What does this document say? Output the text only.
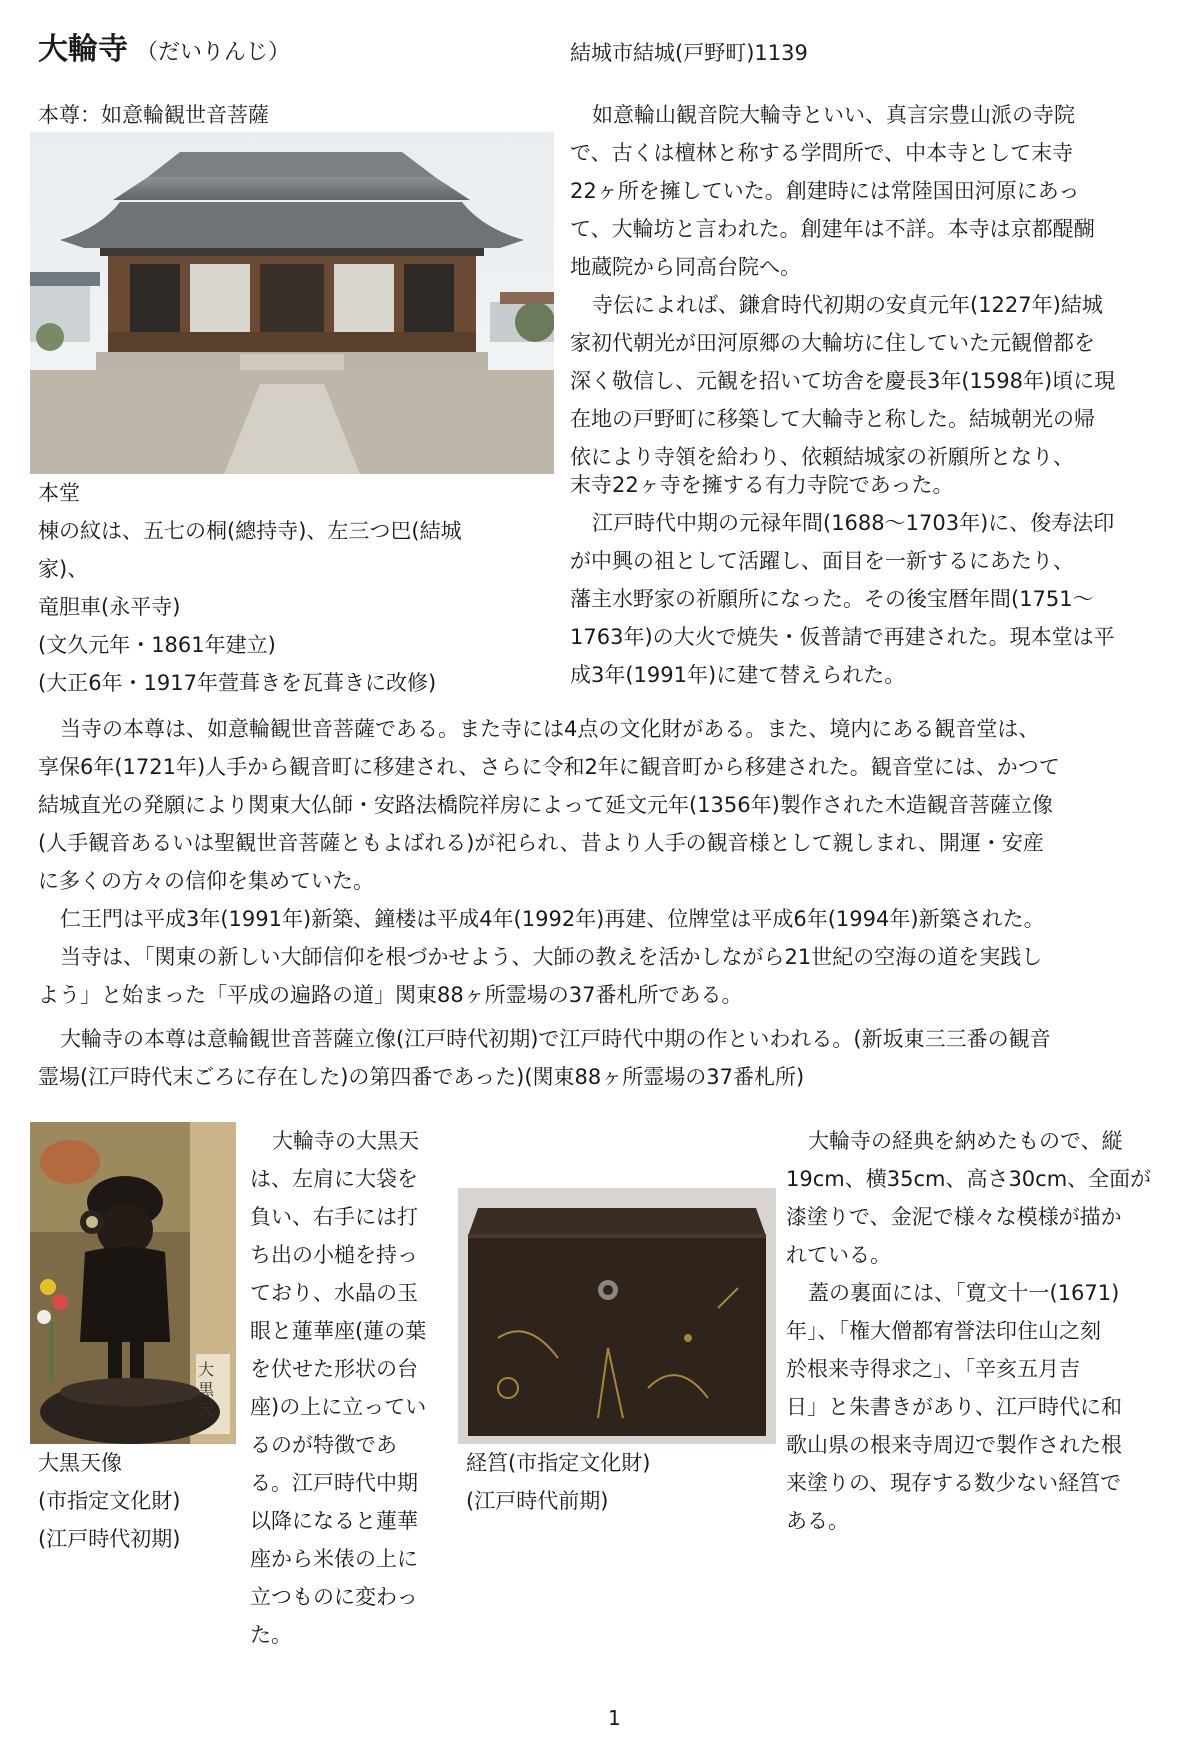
大輪寺 （だいりんじ）	結城市結城(戸野町)1139
本尊：如意輪観世音菩薩
本堂
棟の紋は、五七の桐(總持寺)、左三つ巴(結城
家)、
竜胆車(永平寺)
(文久元年・1861年建立)
(大正6年・1917年萱葺きを瓦葺きに改修)
如意輪山観音院大輪寺といい、真言宗豊山派の寺院
で、古くは檀林と称する学問所で、中本寺として末寺
22ヶ所を擁していた。創建時には常陸国田河原にあっ
て、大輪坊と言われた。創建年は不詳。本寺は京都醍醐
地蔵院から同高台院へ。
寺伝によれば、鎌倉時代初期の安貞元年(1227年)結城
家初代朝光が田河原郷の大輪坊に住していた元観僧都を
深く敬信し、元観を招いて坊舎を慶長3年(1598年)頃に現
在地の戸野町に移築して大輪寺と称した。結城朝光の帰
依により寺領を給わり、依頼結城家の祈願所となり、
末寺22ヶ寺を擁する有力寺院であった。
江戸時代中期の元禄年間(1688〜1703年)に、俊寿法印
が中興の祖として活躍し、面目を一新するにあたり、
藩主水野家の祈願所になった。その後宝暦年間(1751〜
1763年)の大火で焼失・仮普請で再建された。現本堂は平
成3年(1991年)に建て替えられた。
当寺の本尊は、如意輪観世音菩薩である。また寺には4点の文化財がある。また、境内にある観音堂は、
享保6年(1721年)人手から観音町に移建され、さらに令和2年に観音町から移建された。観音堂には、かつて
結城直光の発願により関東大仏師・安路法橋院祥房によって延文元年(1356年)製作された木造観音菩薩立像
(人手観音あるいは聖観世音菩薩ともよばれる)が祀られ、昔より人手の観音様として親しまれ、開運・安産
に多くの方々の信仰を集めていた。
仁王門は平成3年(1991年)新築、鐘楼は平成4年(1992年)再建、位牌堂は平成6年(1994年)新築された。
当寺は、「関東の新しい大師信仰を根づかせよう、大師の教えを活かしながら21世紀の空海の道を実践し
よう」と始まった「平成の遍路の道」関東88ヶ所霊場の37番札所である。
大輪寺の本尊は意輪観世音菩薩立像(江戸時代初期)で江戸時代中期の作といわれる。(新坂東三三番の観音
霊場(江戸時代末ごろに存在した)の第四番であった)(関東88ヶ所霊場の37番札所)
大黒天
大黒天像
(市指定文化財)
(江戸時代初期)
大輪寺の大黒天
は、左肩に大袋を
負い、右手には打
ち出の小槌を持っ
ており、水晶の玉
眼と蓮華座(蓮の葉
を伏せた形状の台
座)の上に立ってい
るのが特徴であ
る。江戸時代中期
以降になると蓮華
座から米俵の上に
立つものに変わっ
た。
経筥(市指定文化財)
(江戸時代前期)
大輪寺の経典を納めたもので、縦
19cm、横35cm、高さ30cm、全面が
漆塗りで、金泥で様々な模様が描か
れている。
蓋の裏面には、「寛文十一(1671)
年」、「権大僧都宥誉法印住山之刻
於根来寺得求之」、「辛亥五月吉
日」と朱書きがあり、江戸時代に和
歌山県の根来寺周辺で製作された根
来塗りの、現存する数少ない経筥で
ある。
1
